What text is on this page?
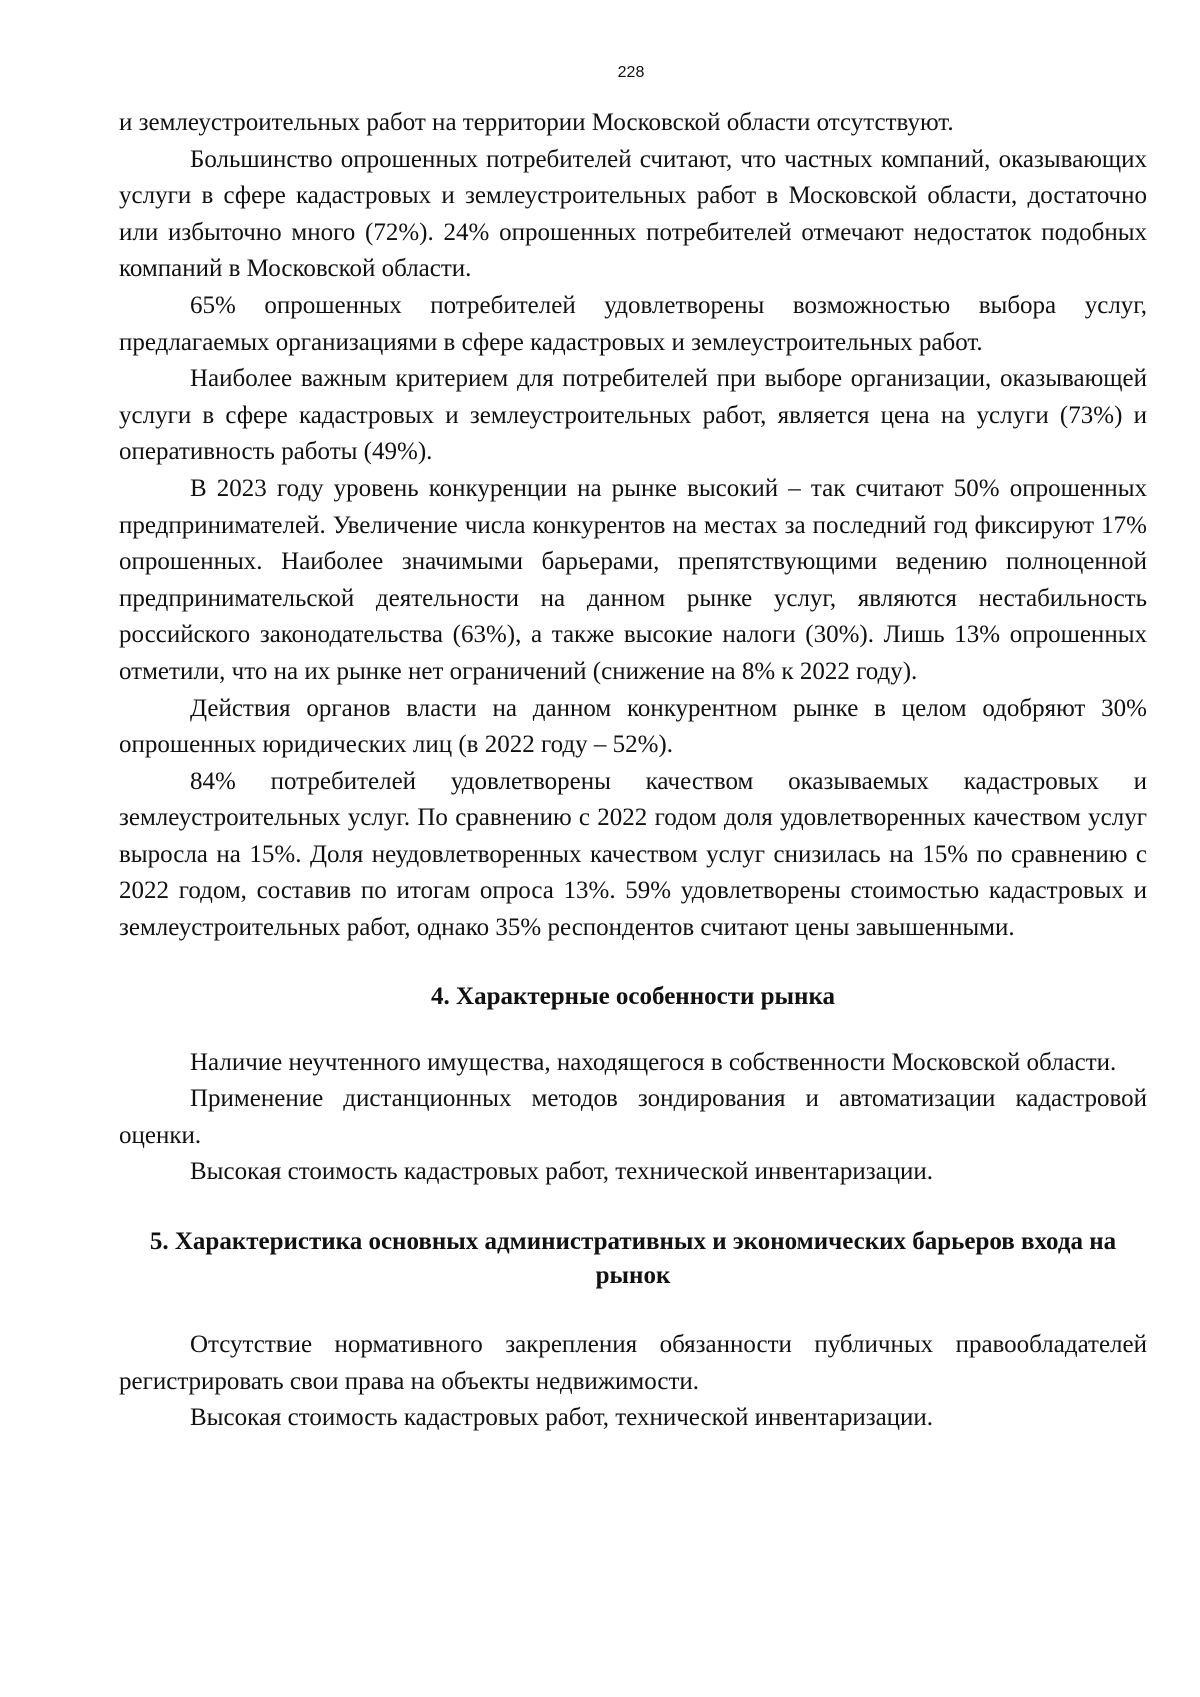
228

и землеустроительных работ на территории Московской области отсутствуют.

Большинство опрошенных потребителей считают, что частных компаний, оказывающих услуги в сфере кадастровых и землеустроительных работ в Московской области, достаточно или избыточно много (72%). 24% опрошенных потребителей отмечают недостаток подобных компаний в Московской области.

65% опрошенных потребителей удовлетворены возможностью выбора услуг, предлагаемых организациями в сфере кадастровых и землеустроительных работ.

Наиболее важным критерием для потребителей при выборе организации, оказывающей услуги в сфере кадастровых и землеустроительных работ, является цена на услуги (73%) и оперативность работы (49%).

В 2023 году уровень конкуренции на рынке высокий – так считают 50% опрошенных предпринимателей. Увеличение числа конкурентов на местах за последний год фиксируют 17% опрошенных. Наиболее значимыми барьерами, препятствующими ведению полноценной предпринимательской деятельности на данном рынке услуг, являются нестабильность российского законодательства (63%), а также высокие налоги (30%). Лишь 13% опрошенных отметили, что на их рынке нет ограничений (снижение на 8% к 2022 году).

Действия органов власти на данном конкурентном рынке в целом одобряют 30% опрошенных юридических лиц (в 2022 году – 52%).

84% потребителей удовлетворены качеством оказываемых кадастровых и землеустроительных услуг. По сравнению с 2022 годом доля удовлетворенных качеством услуг выросла на 15%. Доля неудовлетворенных качеством услуг снизилась на 15% по сравнению с 2022 годом, составив по итогам опроса 13%. 59% удовлетворены стоимостью кадастровых и землеустроительных работ, однако 35% респондентов считают цены завышенными.

4. Характерные особенности рынка

Наличие неучтенного имущества, находящегося в собственности Московской области.

Применение дистанционных методов зондирования и автоматизации кадастровой оценки.

Высокая стоимость кадастровых работ, технической инвентаризации.

5. Характеристика основных административных и экономических барьеров входа на рынок

Отсутствие нормативного закрепления обязанности публичных правообладателей регистрировать свои права на объекты недвижимости.

Высокая стоимость кадастровых работ, технической инвентаризации.
